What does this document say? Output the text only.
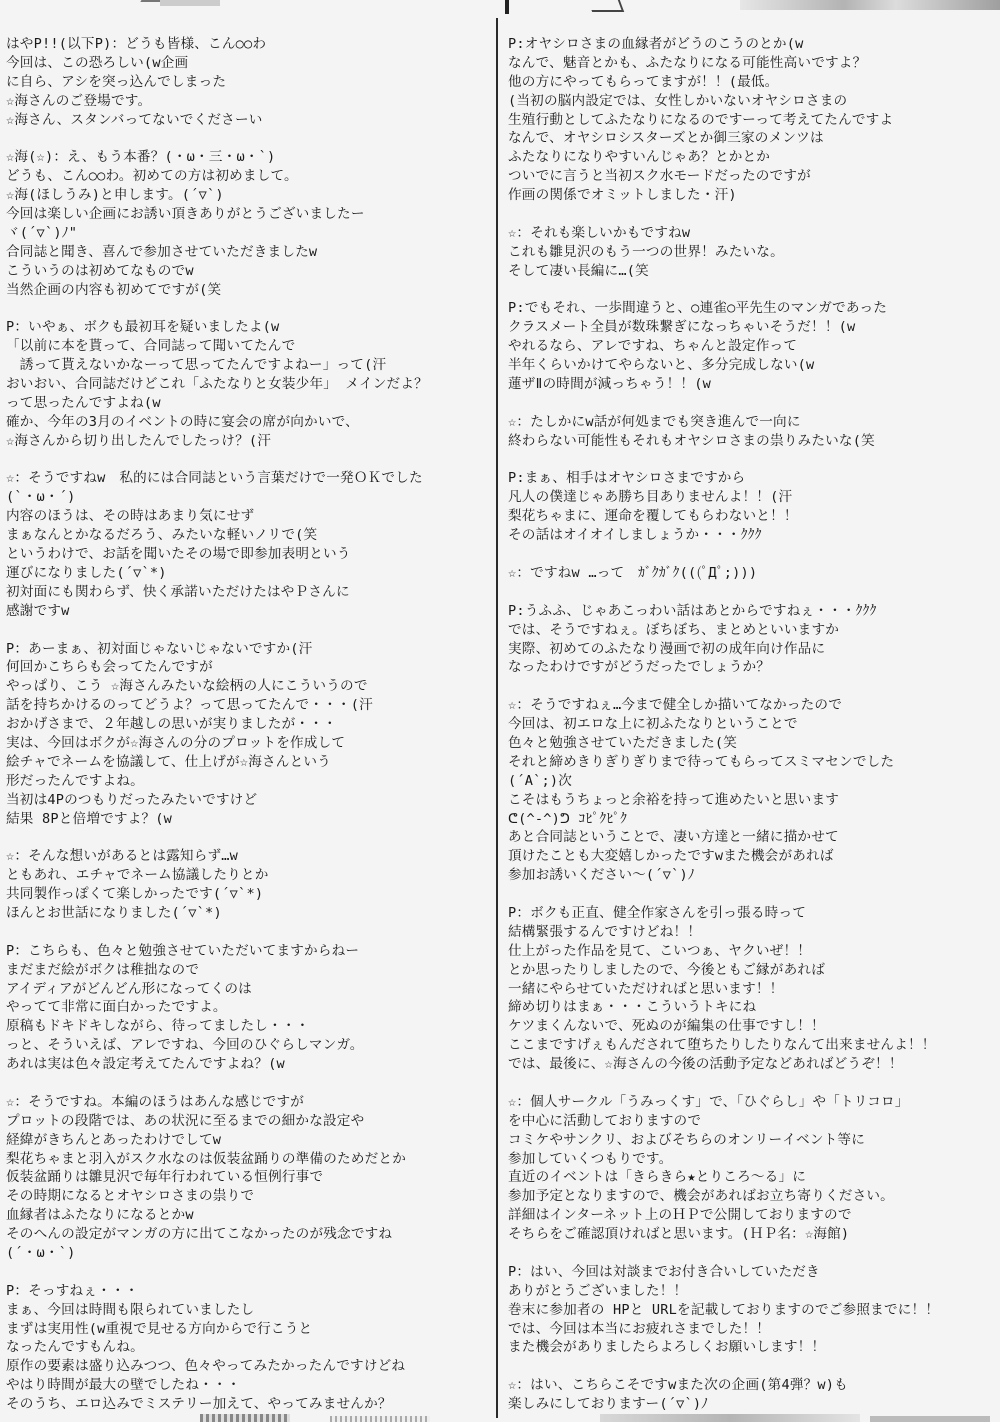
はやP!!(以下P)：どうも皆様、こん○○わ
今回は、この恐ろしい(w企画
に自ら、アシを突っ込んでしまった
☆海さんのご登場です。
☆海さん、スタンバってないでくださーい
☆海(☆)：え、もう本番？(・ω・三・ω・`)
どうも、こん○○わ。初めての方は初めまして。
☆海(ほしうみ)と申します。(´▽`)
今回は楽しい企画にお誘い頂きありがとうございましたー
ヾ(´▽`)ﾉ"
合同誌と聞き、喜んで参加させていただきましたw
こういうのは初めてなものでw
当然企画の内容も初めてですが(笑
P：いやぁ、ボクも最初耳を疑いましたよ(w
「以前に本を貰って、合同誌って聞いてたんで
　誘って貰えないかなーって思ってたんですよねー」って(汗
おいおい、合同誌だけどこれ「ふたなりと女装少年」 メインだよ？
って思ったんですよね(w
確か、今年の3月のイベントの時に宴会の席が向かいで、
☆海さんから切り出したんでしたっけ？(汗
☆：そうですねw　私的には合同誌という言葉だけで一発ＯＫでした
(`・ω・´)
内容のほうは、その時はあまり気にせず
まぁなんとかなるだろう、みたいな軽いノリで(笑
というわけで、お話を聞いたその場で即参加表明という
運びになりました(´▽`*)
初対面にも関わらず、快く承諾いただけたはやＰさんに
感謝ですw
P：あーまぁ、初対面じゃないじゃないですか(汗
何回かこちらも会ってたんですが
やっぱり、こう ☆海さんみたいな絵柄の人にこういうので
話を持ちかけるのってどうよ？って思ってたんで・・・(汗
おかげさまで、２年越しの思いが実りましたが・・・
実は、今回はボクが☆海さんの分のプロットを作成して
絵チャでネームを協議して、仕上げが☆海さんという
形だったんですよね。
当初は4Pのつもりだったみたいですけど
結果 8Pと倍増ですよ？(w
☆：そんな想いがあるとは露知らず…w
ともあれ、エチャでネーム協議したりとか
共同製作っぽくて楽しかったです(´▽`*)
ほんとお世話になりました(´▽`*)
P：こちらも、色々と勉強させていただいてますからねー
まだまだ絵がボクは稚拙なので
アイディアがどんどん形になってくのは
やってて非常に面白かったですよ。
原稿もドキドキしながら、待ってましたし・・・
っと、そういえば、アレですね、今回のひぐらしマンガ。
あれは実は色々設定考えてたんですよね？(w
☆：そうですね。本編のほうはあんな感じですが
プロットの段階では、あの状況に至るまでの細かな設定や
経緯がきちんとあったわけでしてw
梨花ちゃまと羽入がスク水なのは仮装盆踊りの準備のためだとか
仮装盆踊りは雛見沢で毎年行われている恒例行事で
その時期になるとオヤシロさまの祟りで
血縁者はふたなりになるとかw
そのへんの設定がマンガの方に出てこなかったのが残念ですね
(´・ω・`)
P：そっすねぇ・・・
まぁ、今回は時間も限られていましたし
まずは実用性(w重視で見せる方向からで行こうと
なったんですもんね。
原作の要素は盛り込みつつ、色々やってみたかったんですけどね
やはり時間が最大の壁でしたね・・・
そのうち、エロ込みでミステリー加えて、やってみませんか？
P:オヤシロさまの血縁者がどうのこうのとか(w
なんで、魅音とかも、ふたなりになる可能性高いですよ？
他の方にやってもらってますが！！(最低。
(当初の脳内設定では、女性しかいないオヤシロさまの
生殖行動としてふたなりになるのですーって考えてたんですよ
なんで、オヤシロシスターズとか御三家のメンツは
ふたなりになりやすいんじゃあ？とかとか
ついでに言うと当初スク水モードだったのですが
作画の関係でオミットしました・汗)
☆：それも楽しいかもですねw
これも雛見沢のもう一つの世界！みたいな。
そして凄い長編に…(笑
P:でもそれ、一歩間違うと、○連雀○平先生のマンガであった
クラスメート全員が数珠繋ぎになっちゃいそうだ！！(w
やれるなら、アレですね、ちゃんと設定作って
半年くらいかけてやらないと、多分完成しない(w
蓮ザⅡの時間が減っちゃう！！(w
☆：たしかにw話が何処までも突き進んで一向に
終わらない可能性もそれもオヤシロさまの祟りみたいな(笑
P:まぁ、相手はオヤシロさまですから
凡人の僕達じゃあ勝ち目ありませんよ！！(汗
梨花ちゃまに、運命を覆してもらわないと！！
その話はオイオイしましょうか・・・ｸｸｸ
☆：ですねw …って　ｶﾞｸｶﾞｸ(((ﾟДﾟ;)))
P:うふふ、じゃあこっわい話はあとからですねぇ・・・ｸｸｸ
では、そうですねぇ。ぼちぼち、まとめといいますか
実際、初めてのふたなり漫画で初の成年向け作品に
なったわけですがどうだったでしょうか？
☆：そうですねぇ…今まで健全しか描いてなかったので
今回は、初エロな上に初ふたなりということで
色々と勉強させていただきました(笑
それと締めきりぎりぎりまで待ってもらってスミマセンでした
(´A`;)次
こそはもうちょっと余裕を持って進めたいと思います
ᕦ(^-^)ᕤ ｺﾋﾟｸﾋﾟｸ
あと合同誌ということで、凄い方達と一緒に描かせて
頂けたことも大変嬉しかったですwまた機会があれば
参加お誘いください～(´▽`)ﾉ
P：ボクも正直、健全作家さんを引っ張る時って
結構緊張するんですけどね！！
仕上がった作品を見て、こいつぁ、ヤクいぜ！！
とか思ったりしましたので、今後ともご縁があれば
一緒にやらせていただければと思います！！
締め切りはまぁ・・・こういうトキにね
ケツまくんないで、死ぬのが編集の仕事ですし！！
ここまですげぇもんだされて堕ちたりしたりなんて出来ませんよ！！
では、最後に、☆海さんの今後の活動予定などあればどうぞ！！
☆：個人サークル「うみっくす」で、「ひぐらし」や「トリコロ」
を中心に活動しておりますので
コミケやサンクリ、およびそちらのオンリーイベント等に
参加していくつもりです。
直近のイベントは「きらきら★とりころ～る」に
参加予定となりますので、機会があればお立ち寄りください。
詳細はインターネット上のＨＰで公開しておりますので
そちらをご確認頂ければと思います。(ＨＰ名：☆海館)
P：はい、今回は対談までお付き合いしていただき
ありがとうございました！！
巻末に参加者の HPと URLを記載しておりますのでご参照までに！！
では、今回は本当にお疲れさまでした！！
また機会がありましたらよろしくお願いします！！
☆：はい、こちらこそですwまた次の企画(第4弾？w)も
楽しみにしておりますー(´▽`)ﾉ
